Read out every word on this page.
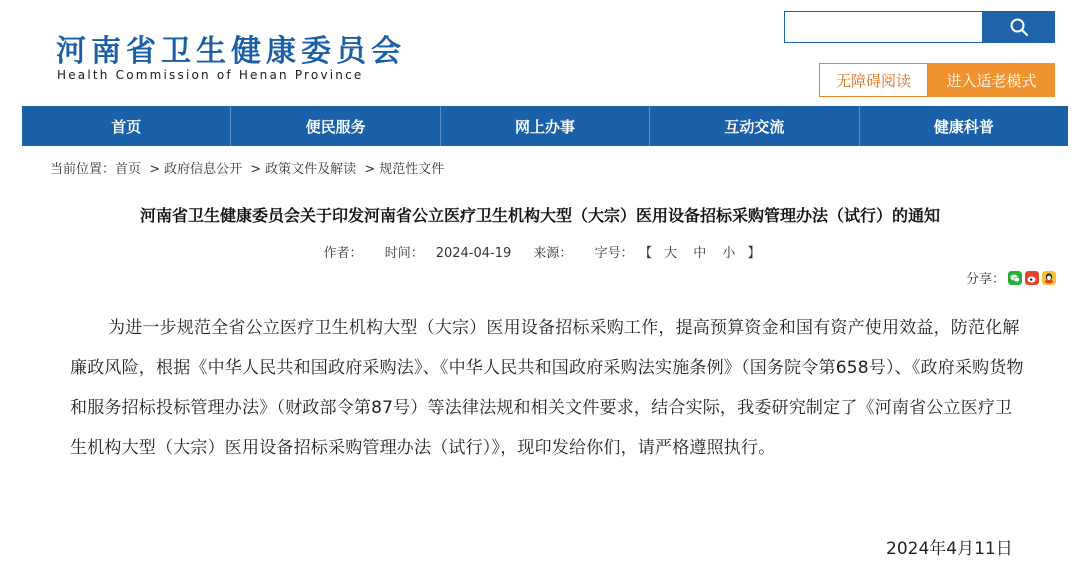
河南省卫生健康委员会
Health Commission of Henan Province	无障碍阅读	进入适老模式
首页	便民服务	网上办事	互动交流	健康科普
当前位置：首页 > 政府信息公开 > 政策文件及解读 > 规范性文件
河南省卫生健康委员会关于印发河南省公立医疗卫生机构大型（大宗）医用设备招标采购管理办法（试行）的通知
作者： 时间： 2024-04-19 来源： 字号： 【 大 中 小 】
分享：

为进一步规范全省公立医疗卫生机构大型（大宗）医用设备招标采购工作，提高预算资金和国有资产使用效益，防范化解廉政风险，根据《中华人民共和国政府采购法》、《中华人民共和国政府采购法实施条例》（国务院令第658号）、《政府采购货物和服务招标投标管理办法》（财政部令第87号）等法律法规和相关文件要求，结合实际，我委研究制定了《河南省公立医疗卫生机构大型（大宗）医用设备招标采购管理办法（试行）》，现印发给你们，请严格遵照执行。

2024年4月11日
